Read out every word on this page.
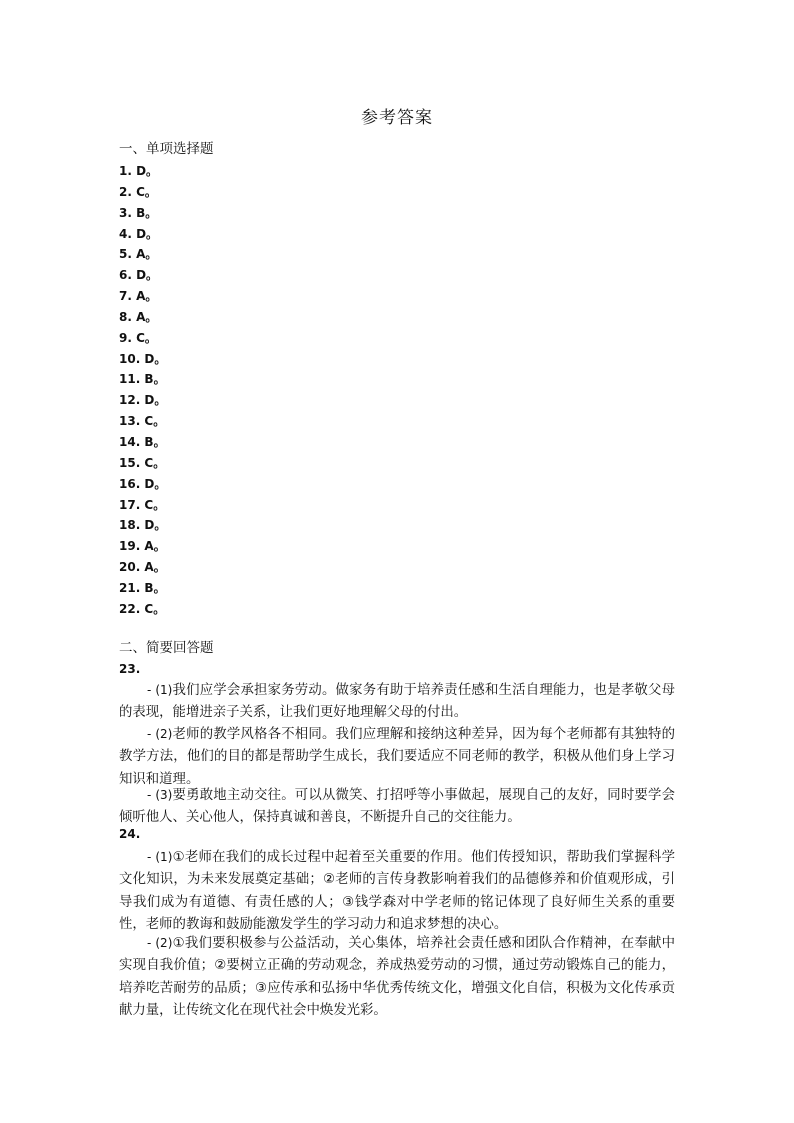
参考答案
一、单项选择题
1. D。
2. C。
3. B。
4. D。
5. A。
6. D。
7. A。
8. A。
9. C。
10. D。
11. B。
12. D。
13. C。
14. B。
15. C。
16. D。
17. C。
18. D。
19. A。
20. A。
21. B。
22. C。
二、简要回答题
23.

- (1)我们应学会承担家务劳动。做家务有助于培养责任感和生活自理能力，也是孝敬父母的表现，能增进亲子关系，让我们更好地理解父母的付出。

- (2)老师的教学风格各不相同。我们应理解和接纳这种差异，因为每个老师都有其独特的教学方法，他们的目的都是帮助学生成长，我们要适应不同老师的教学，积极从他们身上学习知识和道理。

- (3)要勇敢地主动交往。可以从微笑、打招呼等小事做起，展现自己的友好，同时要学会倾听他人、关心他人，保持真诚和善良，不断提升自己的交往能力。

24.

- (1)①老师在我们的成长过程中起着至关重要的作用。他们传授知识，帮助我们掌握科学文化知识，为未来发展奠定基础；②老师的言传身教影响着我们的品德修养和价值观形成，引导我们成为有道德、有责任感的人；③钱学森对中学老师的铭记体现了良好师生关系的重要性，老师的教诲和鼓励能激发学生的学习动力和追求梦想的决心。

- (2)①我们要积极参与公益活动，关心集体，培养社会责任感和团队合作精神，在奉献中实现自我价值；②要树立正确的劳动观念，养成热爱劳动的习惯，通过劳动锻炼自己的能力，培养吃苦耐劳的品质；③应传承和弘扬中华优秀传统文化，增强文化自信，积极为文化传承贡献力量，让传统文化在现代社会中焕发光彩。
